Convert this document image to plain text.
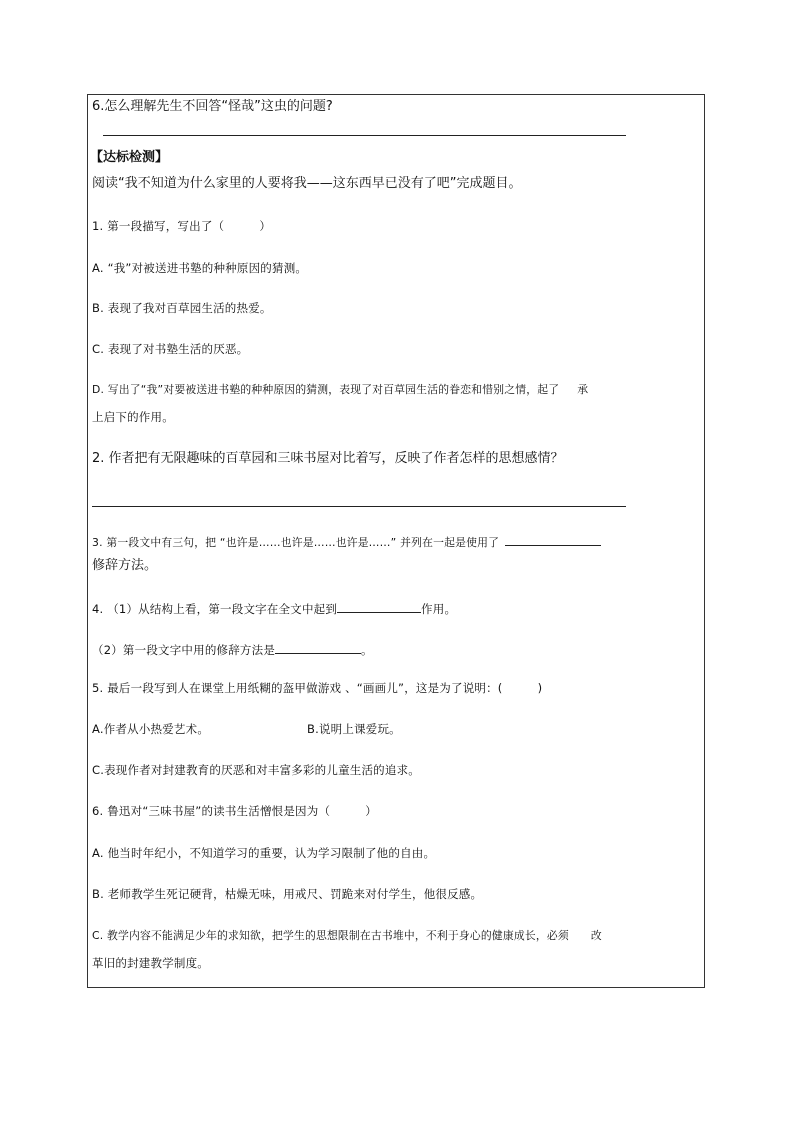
6.怎么理解先生不回答“怪哉”这虫的问题?
【达标检测】
阅读“我不知道为什么家里的人要将我——这东西早已没有了吧”完成题目。
1. 第一段描写，写出了（　　　）
A. “我”对被送进书塾的种种原因的猜测。
B. 表现了我对百草园生活的热爱。
C. 表现了对书塾生活的厌恶。
D. 写出了“我”对要被送进书塾的种种原因的猜测，表现了对百草园生活的眷恋和惜别之情，起了 承
上启下的作用。
2. 作者把有无限趣味的百草园和三味书屋对比着写，反映了作者怎样的思想感情？
3. 第一段文中有三句，把 “也许是……也许是……也许是……” 并列在一起是使用了
修辞方法。
4. （1）从结构上看，第一段文字在全文中起到	作用。
（2）第一段文字中用的修辞方法是	。
5. 最后一段写到人在课堂上用纸糊的盔甲做游戏 、“画画儿”，这是为了说明：(　　　)
A.作者从小热爱艺术。	B.说明上课爱玩。
C.表现作者对封建教育的厌恶和对丰富多彩的儿童生活的追求。
6. 鲁迅对“三味书屋”的读书生活憎恨是因为（　　　）
A. 他当时年纪小，不知道学习的重要，认为学习限制了他的自由。
B. 老师教学生死记硬背，枯燥无味，用戒尺、罚跪来对付学生，他很反感。
C. 教学内容不能满足少年的求知欲，把学生的思想限制在古书堆中，不利于身心的健康成长，必须 改
革旧的封建教学制度。
